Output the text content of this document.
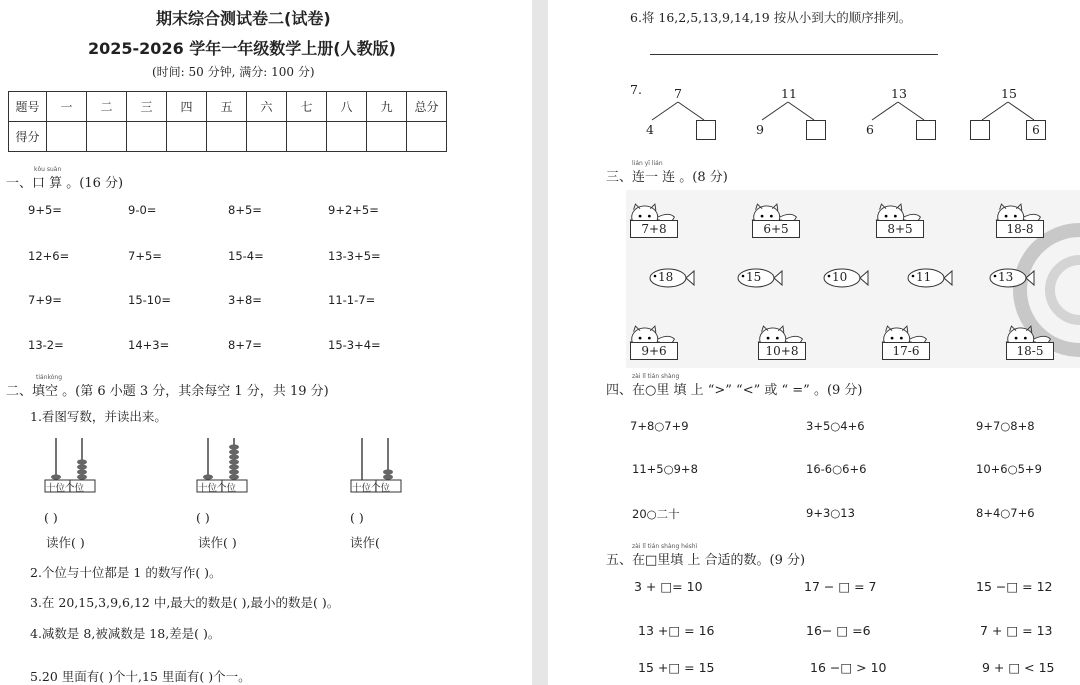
期末综合测试卷二(试卷)
2025-2026 学年一年级数学上册(人教版)
(时间: 50 分钟, 满分: 100 分)
题号	一	二	三	四	五	六	七	八	九	总分
得分										
kǒu suàn
一、口 算 。(16 分)
9+5=	9-0=	8+5=	9+2+5=
12+6=	7+5=	15-4=	13-3+5=
7+9=	15-10=	3+8=	11-1-7=
13-2=	14+3=	8+7=	15-3+4=
tiánkòng
二、填空 。(第 6 小题 3 分，其余每空 1 分，共 19 分)
1.看图写数，并读出来。
十位个位	十位个位	十位个位
( )	( )	( )
读作( )	读作( )	读作(
2.个位与十位都是 1 的数写作( )。
3.在 20,15,3,9,6,12 中,最大的数是( ),最小的数是( )。
4.减数是 8,被减数是 18,差是( )。
5.20 里面有( )个十,15 里面有( )个一。
6.将 16,2,5,13,9,14,19 按从小到大的顺序排列。
7.	7
4
11
9
13
6
15
6
lián yī lián
三、连一 连 。(8 分)
7+8	6+5	8+5	18-8
18	15	10	11	13
9+6	10+8	17-6	18-5
zài lǐ tián shàng
四、在○里 填 上 “>” “<” 或 “ =” 。(9 分)
7+8○7+9	3+5○4+6	9+7○8+8
11+5○9+8	16-6○6+6	10+6○5+9
20○二十	9+3○13	8+4○7+6
zài lǐ tián shàng héshì
五、在□里填 上 合适的数。(9 分)
3 + □= 10	17 − □ = 7	15 −□ = 12
13 +□ = 16	16− □ =6	7 + □ = 13
15 +□ = 15	16 −□ > 10	9 + □ < 15
